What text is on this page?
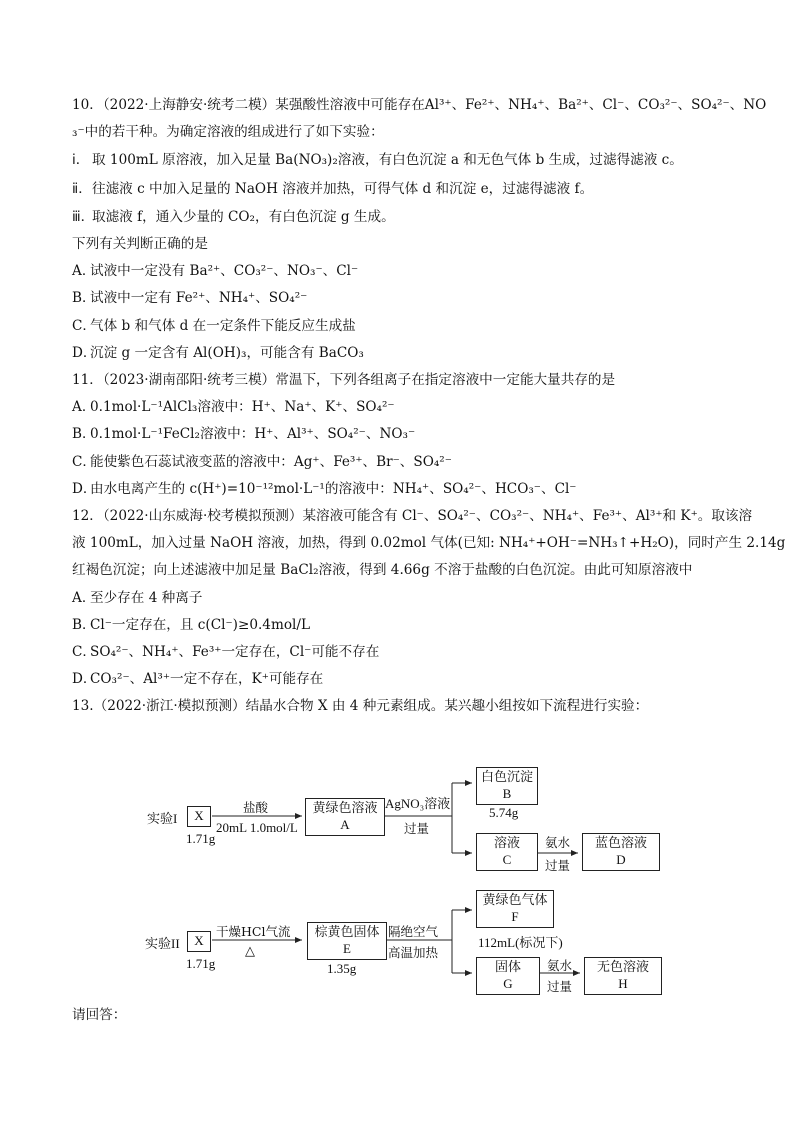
10．（2022·上海静安·统考二模）某强酸性溶液中可能存在Al³⁺、Fe²⁺、NH₄⁺、Ba²⁺、Cl⁻、CO₃²⁻、SO₄²⁻、NO
₃⁻中的若干种。为确定溶液的组成进行了如下实验：
ⅰ． 取 100mL 原溶液，加入足量 Ba(NO₃)₂溶液，有白色沉淀 a 和无色气体 b 生成，过滤得滤液 c。
ⅱ．往滤液 c 中加入足量的 NaOH 溶液并加热，可得气体 d 和沉淀 e，过滤得滤液 f。
ⅲ．取滤液 f，通入少量的 CO₂，有白色沉淀 g 生成。
下列有关判断正确的是
A．试液中一定没有 Ba²⁺、CO₃²⁻、NO₃⁻、Cl⁻
B．试液中一定有 Fe²⁺、NH₄⁺、SO₄²⁻
C．气体 b 和气体 d 在一定条件下能反应生成盐
D．沉淀 g 一定含有 Al(OH)₃，可能含有 BaCO₃
11．（2023·湖南邵阳·统考三模）常温下，下列各组离子在指定溶液中一定能大量共存的是
A．0.1mol·L⁻¹AlCl₃溶液中：H⁺、Na⁺、K⁺、SO₄²⁻
B．0.1mol·L⁻¹FeCl₂溶液中：H⁺、Al³⁺、SO₄²⁻、NO₃⁻
C．能使紫色石蕊试液变蓝的溶液中：Ag⁺、Fe³⁺、Br⁻、SO₄²⁻
D．由水电离产生的 c(H⁺)=10⁻¹²mol·L⁻¹的溶液中：NH₄⁺、SO₄²⁻、HCO₃⁻、Cl⁻
12．（2022·山东威海·校考模拟预测）某溶液可能含有 Cl⁻、SO₄²⁻、CO₃²⁻、NH₄⁺、Fe³⁺、Al³⁺和 K⁺。取该溶
液 100mL，加入过量 NaOH 溶液，加热，得到 0.02mol 气体(已知: NH₄⁺+OH⁻=NH₃↑+H₂O)，同时产生 2.14g
红褐色沉淀；向上述滤液中加足量 BaCl₂溶液，得到 4.66g 不溶于盐酸的白色沉淀。由此可知原溶液中
A．至少存在 4 种离子
B．Cl⁻一定存在，且 c(Cl⁻)≥0.4mol/L
C．SO₄²⁻、NH₄⁺、Fe³⁺一定存在，Cl⁻可能不存在
D．CO₃²⁻、Al³⁺一定不存在，K⁺可能存在
13.（2022·浙江·模拟预测）结晶水合物 X 由 4 种元素组成。某兴趣小组按如下流程进行实验：
实验I	X
1.71g
盐酸
20mL 1.0mol/L
黄绿色溶液
A
AgNO₃溶液
过量
白色沉淀
B
5.74g
溶液
C
氨水
过量
蓝色溶液
D
实验II	X
1.71g
干燥HCl气流
△
棕黄色固体
E
1.35g
隔绝空气
高温加热
黄绿色气体
F
112mL(标况下)
固体
G
氨水
过量
无色溶液
H
请回答：
